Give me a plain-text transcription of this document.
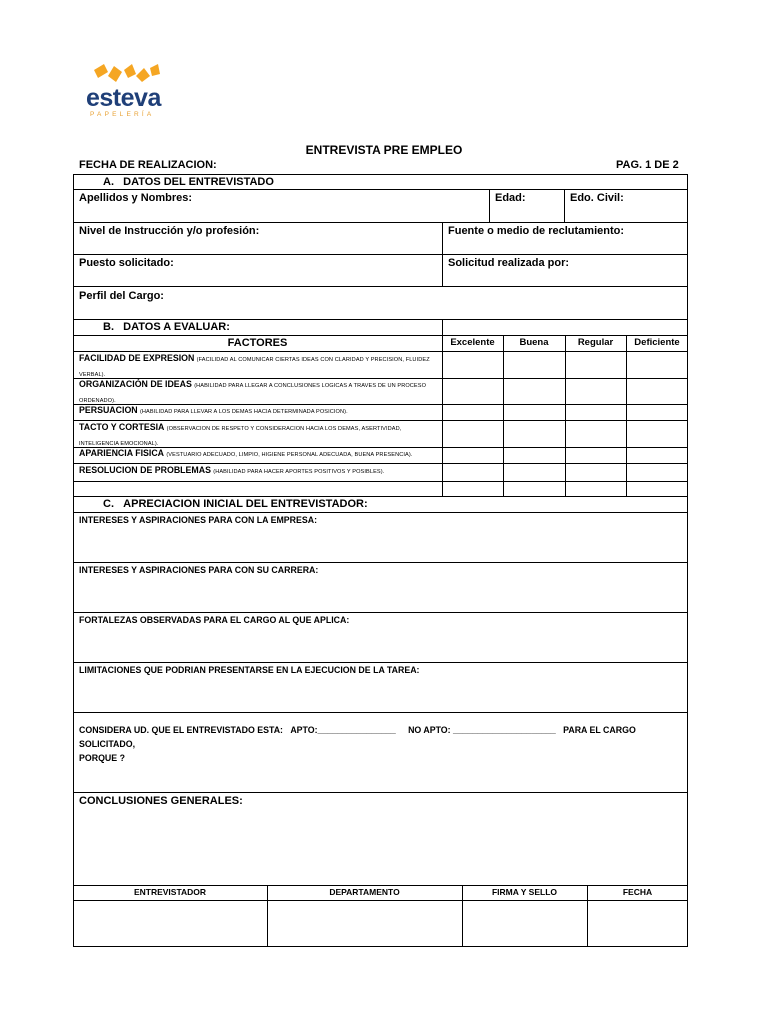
esteva
PAPELERÍA
ENTREVISTA PRE EMPLEO
FECHA DE REALIZACION:	PAG. 1 DE 2
A. DATOS DEL ENTREVISTADO
Apellidos y Nombres:	Edad:	Edo. Civil:
Nivel de Instrucción y/o profesión:	Fuente o medio de reclutamiento:
Puesto solicitado:	Solicitud realizada por:
Perfil del Cargo:
B. DATOS A EVALUAR:
FACTORES	Excelente	Buena	Regular	Deficiente
FACILIDAD DE EXPRESION (FACILIDAD AL COMUNICAR CIERTAS IDEAS CON CLARIDAD Y PRECISION, FLUIDEZ VERBAL).
ORGANIZACIÓN DE IDEAS (HABILIDAD PARA LLEGAR A CONCLUSIONES LOGICAS A TRAVES DE UN PROCESO ORDENADO).
PERSUACION (HABILIDAD PARA LLEVAR A LOS DEMAS HACIA DETERMINADA POSICION).
TACTO Y CORTESIA (OBSERVACION DE RESPETO Y CONSIDERACION HACIA LOS DEMAS, ASERTIVIDAD, INTELIGENCIA EMOCIONAL).
APARIENCIA FISICA (VESTUARIO ADECUADO, LIMPIO, HIGIENE PERSONAL ADECUADA, BUENA PRESENCIA).
RESOLUCION DE PROBLEMAS (HABILIDAD PARA HACER APORTES POSITIVOS Y POSIBLES).
C. APRECIACION INICIAL DEL ENTREVISTADOR:
INTERESES Y ASPIRACIONES PARA CON LA EMPRESA:
INTERESES Y ASPIRACIONES PARA CON SU CARRERA:
FORTALEZAS OBSERVADAS PARA EL CARGO AL QUE APLICA:
LIMITACIONES QUE PODRIAN PRESENTARSE EN LA EJECUCION DE LA TAREA:
CONSIDERA UD. QUE EL ENTREVISTADO ESTA: APTO:________________ NO APTO: _____________________ PARA EL CARGO SOLICITADO,
PORQUE ?
CONCLUSIONES GENERALES:
ENTREVISTADOR	DEPARTAMENTO	FIRMA Y SELLO	FECHA
